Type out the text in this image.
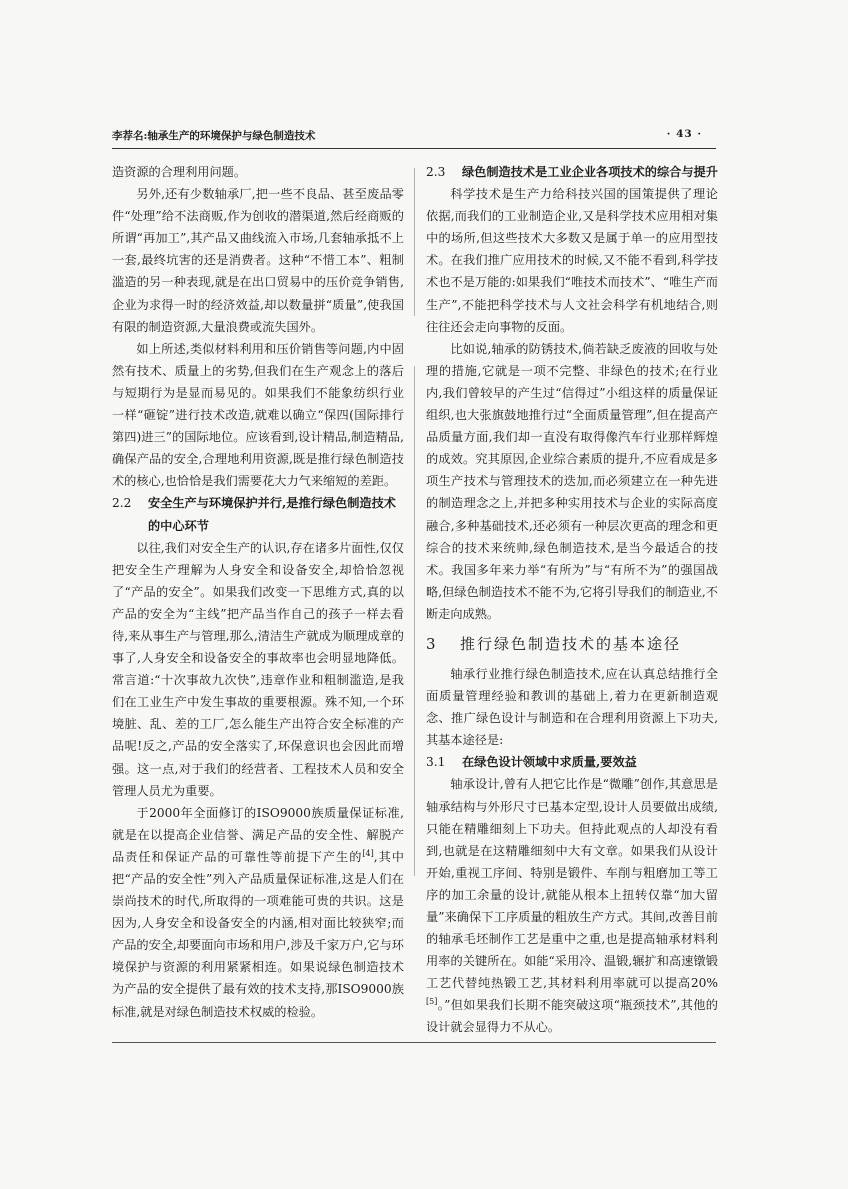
李荐名:轴承生产的环境保护与绿色制造技术	· 43 ·

造资源的合理利用问题。

另外,还有少数轴承厂,把一些不良品、甚至废品零件“处理”给不法商贩,作为创收的潜渠道,然后经商贩的所谓“再加工”,其产品又曲线流入市场,几套轴承抵不上一套,最终坑害的还是消费者。这种“不惜工本”、粗制滥造的另一种表现,就是在出口贸易中的压价竞争销售,企业为求得一时的经济效益,却以数量拼“质量”,使我国有限的制造资源,大量浪费或流失国外。

如上所述,类似材料利用和压价销售等问题,内中固然有技术、质量上的劣势,但我们在生产观念上的落后与短期行为是显而易见的。如果我们不能象纺织行业一样“砸锭”进行技术改造,就难以确立“保四(国际排行第四)进三”的国际地位。应该看到,设计精品,制造精品,确保产品的安全,合理地利用资源,既是推行绿色制造技术的核心,也恰恰是我们需要花大力气来缩短的差距。

2.2 安全生产与环境保护并行,是推行绿色制造技术的中心环节

以往,我们对安全生产的认识,存在诸多片面性,仅仅把安全生产理解为人身安全和设备安全,却恰恰忽视了“产品的安全”。如果我们改变一下思维方式,真的以产品的安全为“主线”把产品当作自己的孩子一样去看待,来从事生产与管理,那么,清洁生产就成为顺理成章的事了,人身安全和设备安全的事故率也会明显地降低。常言道:“十次事故九次快”,违章作业和粗制滥造,是我们在工业生产中发生事故的重要根源。殊不知,一个环境脏、乱、差的工厂,怎么能生产出符合安全标准的产品呢!反之,产品的安全落实了,环保意识也会因此而增强。这一点,对于我们的经营者、工程技术人员和安全管理人员尤为重要。

于2000年全面修订的ISO9000族质量保证标准,就是在以提高企业信誉、满足产品的安全性、解脱产品责任和保证产品的可靠性等前提下产生的[4],其中把“产品的安全性”列入产品质量保证标准,这是人们在崇尚技术的时代,所取得的一项难能可贵的共识。这是因为,人身安全和设备安全的内涵,相对面比较狭窄;而产品的安全,却要面向市场和用户,涉及千家万户,它与环境保护与资源的利用紧紧相连。如果说绿色制造技术为产品的安全提供了最有效的技术支持,那ISO9000族标准,就是对绿色制造技术权威的检验。

2.3 绿色制造技术是工业企业各项技术的综合与提升

科学技术是生产力给科技兴国的国策提供了理论依据,而我们的工业制造企业,又是科学技术应用相对集中的场所,但这些技术大多数又是属于单一的应用型技术。在我们推广应用技术的时候,又不能不看到,科学技术也不是万能的:如果我们“唯技术而技术”、“唯生产而生产”,不能把科学技术与人文社会科学有机地结合,则往往还会走向事物的反面。

比如说,轴承的防锈技术,倘若缺乏废液的回收与处理的措施,它就是一项不完整、非绿色的技术;在行业内,我们曾较早的产生过“信得过”小组这样的质量保证组织,也大张旗鼓地推行过“全面质量管理”,但在提高产品质量方面,我们却一直没有取得像汽车行业那样辉煌的成效。究其原因,企业综合素质的提升,不应看成是多项生产技术与管理技术的迭加,而必须建立在一种先进的制造理念之上,并把多种实用技术与企业的实际高度融合,多种基础技术,还必须有一种层次更高的理念和更综合的技术来统帅,绿色制造技术,是当今最适合的技术。我国多年来力举“有所为”与“有所不为”的强国战略,但绿色制造技术不能不为,它将引导我们的制造业,不断走向成熟。

3 推行绿色制造技术的基本途径

轴承行业推行绿色制造技术,应在认真总结推行全面质量管理经验和教训的基础上,着力在更新制造观念、推广绿色设计与制造和在合理利用资源上下功夫,其基本途径是:

3.1 在绿色设计领域中求质量,要效益

轴承设计,曾有人把它比作是“微雕”创作,其意思是轴承结构与外形尺寸已基本定型,设计人员要做出成绩,只能在精雕细刻上下功夫。但持此观点的人却没有看到,也就是在这精雕细刻中大有文章。如果我们从设计开始,重视工序间、特别是锻件、车削与粗磨加工等工序的加工余量的设计,就能从根本上扭转仅靠“加大留量”来确保下工序质量的粗放生产方式。其间,改善目前的轴承毛坯制作工艺是重中之重,也是提高轴承材料利用率的关键所在。如能“采用冷、温锻,辗扩和高速镦锻工艺代替纯热锻工艺,其材料利用率就可以提高20%[5]。”但如果我们长期不能突破这项“瓶颈技术”,其他的设计就会显得力不从心。
